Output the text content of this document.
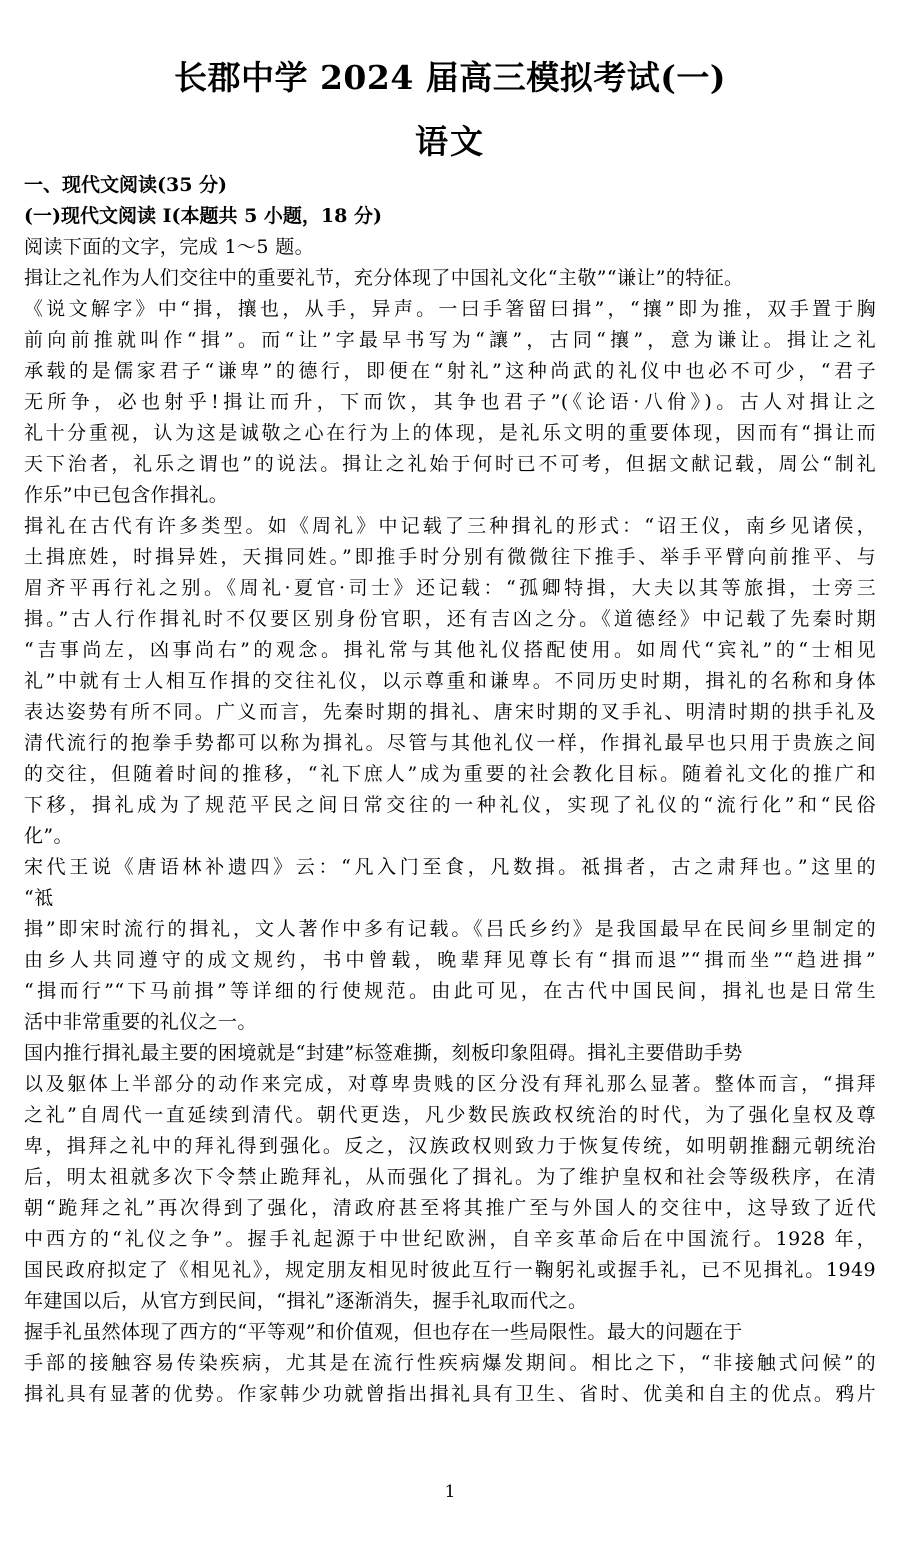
长郡中学 2024 届高三模拟考试(一)
语文
一、现代文阅读(35 分)
(一)现代文阅读 I(本题共 5 小题，18 分)
阅读下面的文字，完成 1～5 题。
揖让之礼作为人们交往中的重要礼节，充分体现了中国礼文化“主敬”“谦让”的特征。
《说文解字》中“揖，攘也，从手，异声。一曰手箸留曰揖”，“攘”即为推，双手置于胸
前向前推就叫作“揖”。而“让”字最早书写为“讓”，古同“攘”，意为谦让。揖让之礼
承载的是儒家君子“谦卑”的德行，即便在“射礼”这种尚武的礼仪中也必不可少，“君子
无所争，必也射乎!揖让而升，下而饮，其争也君子”(《论语·八佾》)。古人对揖让之
礼十分重视，认为这是诚敬之心在行为上的体现，是礼乐文明的重要体现，因而有“揖让而
天下治者，礼乐之谓也”的说法。揖让之礼始于何时已不可考，但据文献记载，周公“制礼
作乐”中已包含作揖礼。
揖礼在古代有许多类型。如《周礼》中记载了三种揖礼的形式：“诏王仪，南乡见诸侯，
土揖庶姓，时揖异姓，天揖同姓。”即推手时分别有微微往下推手、举手平臂向前推平、与
眉齐平再行礼之别。《周礼·夏官·司士》还记载：“孤卿特揖，大夫以其等旅揖，士旁三
揖。”古人行作揖礼时不仅要区别身份官职，还有吉凶之分。《道德经》中记载了先秦时期
“吉事尚左，凶事尚右”的观念。揖礼常与其他礼仪搭配使用。如周代“宾礼”的“士相见
礼”中就有士人相互作揖的交往礼仪，以示尊重和谦卑。不同历史时期，揖礼的名称和身体
表达姿势有所不同。广义而言，先秦时期的揖礼、唐宋时期的叉手礼、明清时期的拱手礼及
清代流行的抱拳手势都可以称为揖礼。尽管与其他礼仪一样，作揖礼最早也只用于贵族之间
的交往，但随着时间的推移，“礼下庶人”成为重要的社会教化目标。随着礼文化的推广和
下移，揖礼成为了规范平民之间日常交往的一种礼仪，实现了礼仪的“流行化”和“民俗
化”。
宋代王说《唐语林补遗四》云：“凡入门至食，凡数揖。祗揖者，古之肃拜也。”这里的
“祗
揖”即宋时流行的揖礼，文人著作中多有记载。《吕氏乡约》是我国最早在民间乡里制定的
由乡人共同遵守的成文规约，书中曾载，晚辈拜见尊长有“揖而退”“揖而坐”“趋进揖”
“揖而行”“下马前揖”等详细的行使规范。由此可见，在古代中国民间，揖礼也是日常生
活中非常重要的礼仪之一。
国内推行揖礼最主要的困境就是“封建”标签难撕，刻板印象阻碍。揖礼主要借助手势
以及躯体上半部分的动作来完成，对尊卑贵贱的区分没有拜礼那么显著。整体而言，“揖拜
之礼”自周代一直延续到清代。朝代更迭，凡少数民族政权统治的时代，为了强化皇权及尊
卑，揖拜之礼中的拜礼得到强化。反之，汉族政权则致力于恢复传统，如明朝推翻元朝统治
后，明太祖就多次下令禁止跪拜礼，从而强化了揖礼。为了维护皇权和社会等级秩序，在清
朝“跪拜之礼”再次得到了强化，清政府甚至将其推广至与外国人的交往中，这导致了近代
中西方的“礼仪之争”。握手礼起源于中世纪欧洲，自辛亥革命后在中国流行。1928 年，
国民政府拟定了《相见礼》，规定朋友相见时彼此互行一鞠躬礼或握手礼，已不见揖礼。1949
年建国以后，从官方到民间，“揖礼”逐渐消失，握手礼取而代之。
握手礼虽然体现了西方的“平等观”和价值观，但也存在一些局限性。最大的问题在于
手部的接触容易传染疾病，尤其是在流行性疾病爆发期间。相比之下，“非接触式问候”的
揖礼具有显著的优势。作家韩少功就曾指出揖礼具有卫生、省时、优美和自主的优点。鸦片
1
